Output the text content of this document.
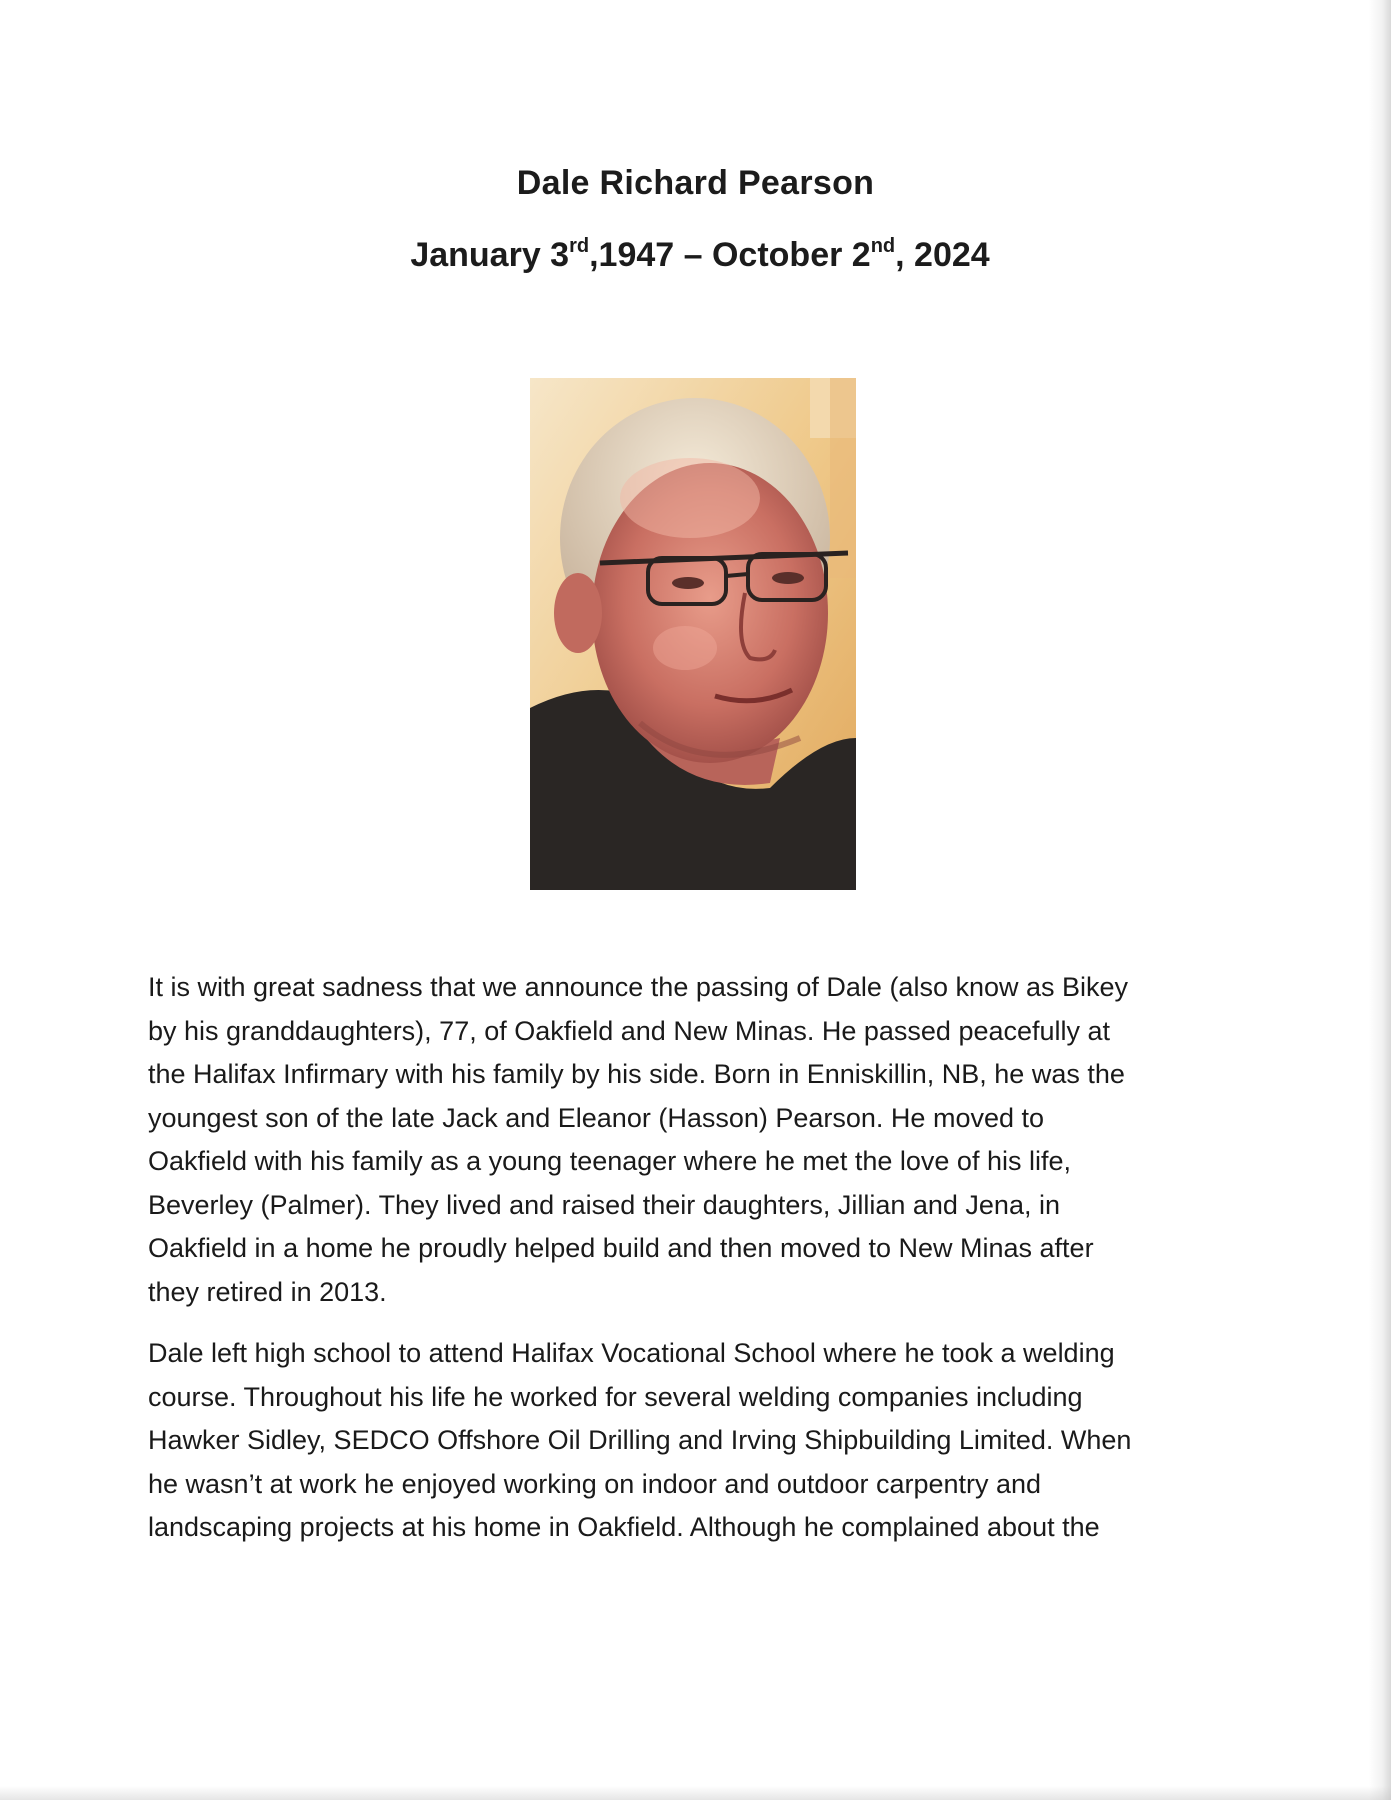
Dale Richard Pearson
January 3rd,1947 – October 2nd, 2024

It is with great sadness that we announce the passing of Dale (also know as Bikey
by his granddaughters), 77, of Oakfield and New Minas. He passed peacefully at
the Halifax Infirmary with his family by his side. Born in Enniskillin, NB, he was the
youngest son of the late Jack and Eleanor (Hasson) Pearson. He moved to
Oakfield with his family as a young teenager where he met the love of his life,
Beverley (Palmer). They lived and raised their daughters, Jillian and Jena, in
Oakfield in a home he proudly helped build and then moved to New Minas after
they retired in 2013.

Dale left high school to attend Halifax Vocational School where he took a welding
course. Throughout his life he worked for several welding companies including
Hawker Sidley, SEDCO Offshore Oil Drilling and Irving Shipbuilding Limited. When
he wasn’t at work he enjoyed working on indoor and outdoor carpentry and
landscaping projects at his home in Oakfield. Although he complained about the
